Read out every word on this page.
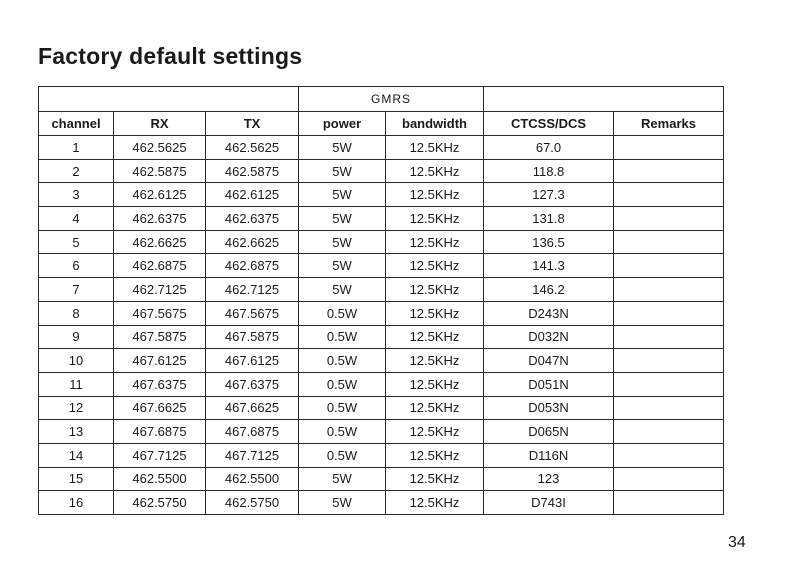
Factory default settings
			GMRS			
channel	RX	TX	power	bandwidth	CTCSS/DCS	Remarks
1	462.5625	462.5625	5W	12.5KHz	67.0	
2	462.5875	462.5875	5W	12.5KHz	118.8	
3	462.6125	462.6125	5W	12.5KHz	127.3	
4	462.6375	462.6375	5W	12.5KHz	131.8	
5	462.6625	462.6625	5W	12.5KHz	136.5	
6	462.6875	462.6875	5W	12.5KHz	141.3	
7	462.7125	462.7125	5W	12.5KHz	146.2	
8	467.5675	467.5675	0.5W	12.5KHz	D243N	
9	467.5875	467.5875	0.5W	12.5KHz	D032N	
10	467.6125	467.6125	0.5W	12.5KHz	D047N	
11	467.6375	467.6375	0.5W	12.5KHz	D051N	
12	467.6625	467.6625	0.5W	12.5KHz	D053N	
13	467.6875	467.6875	0.5W	12.5KHz	D065N	
14	467.7125	467.7125	0.5W	12.5KHz	D116N	
15	462.5500	462.5500	5W	12.5KHz	123	
16	462.5750	462.5750	5W	12.5KHz	D743I	
34
